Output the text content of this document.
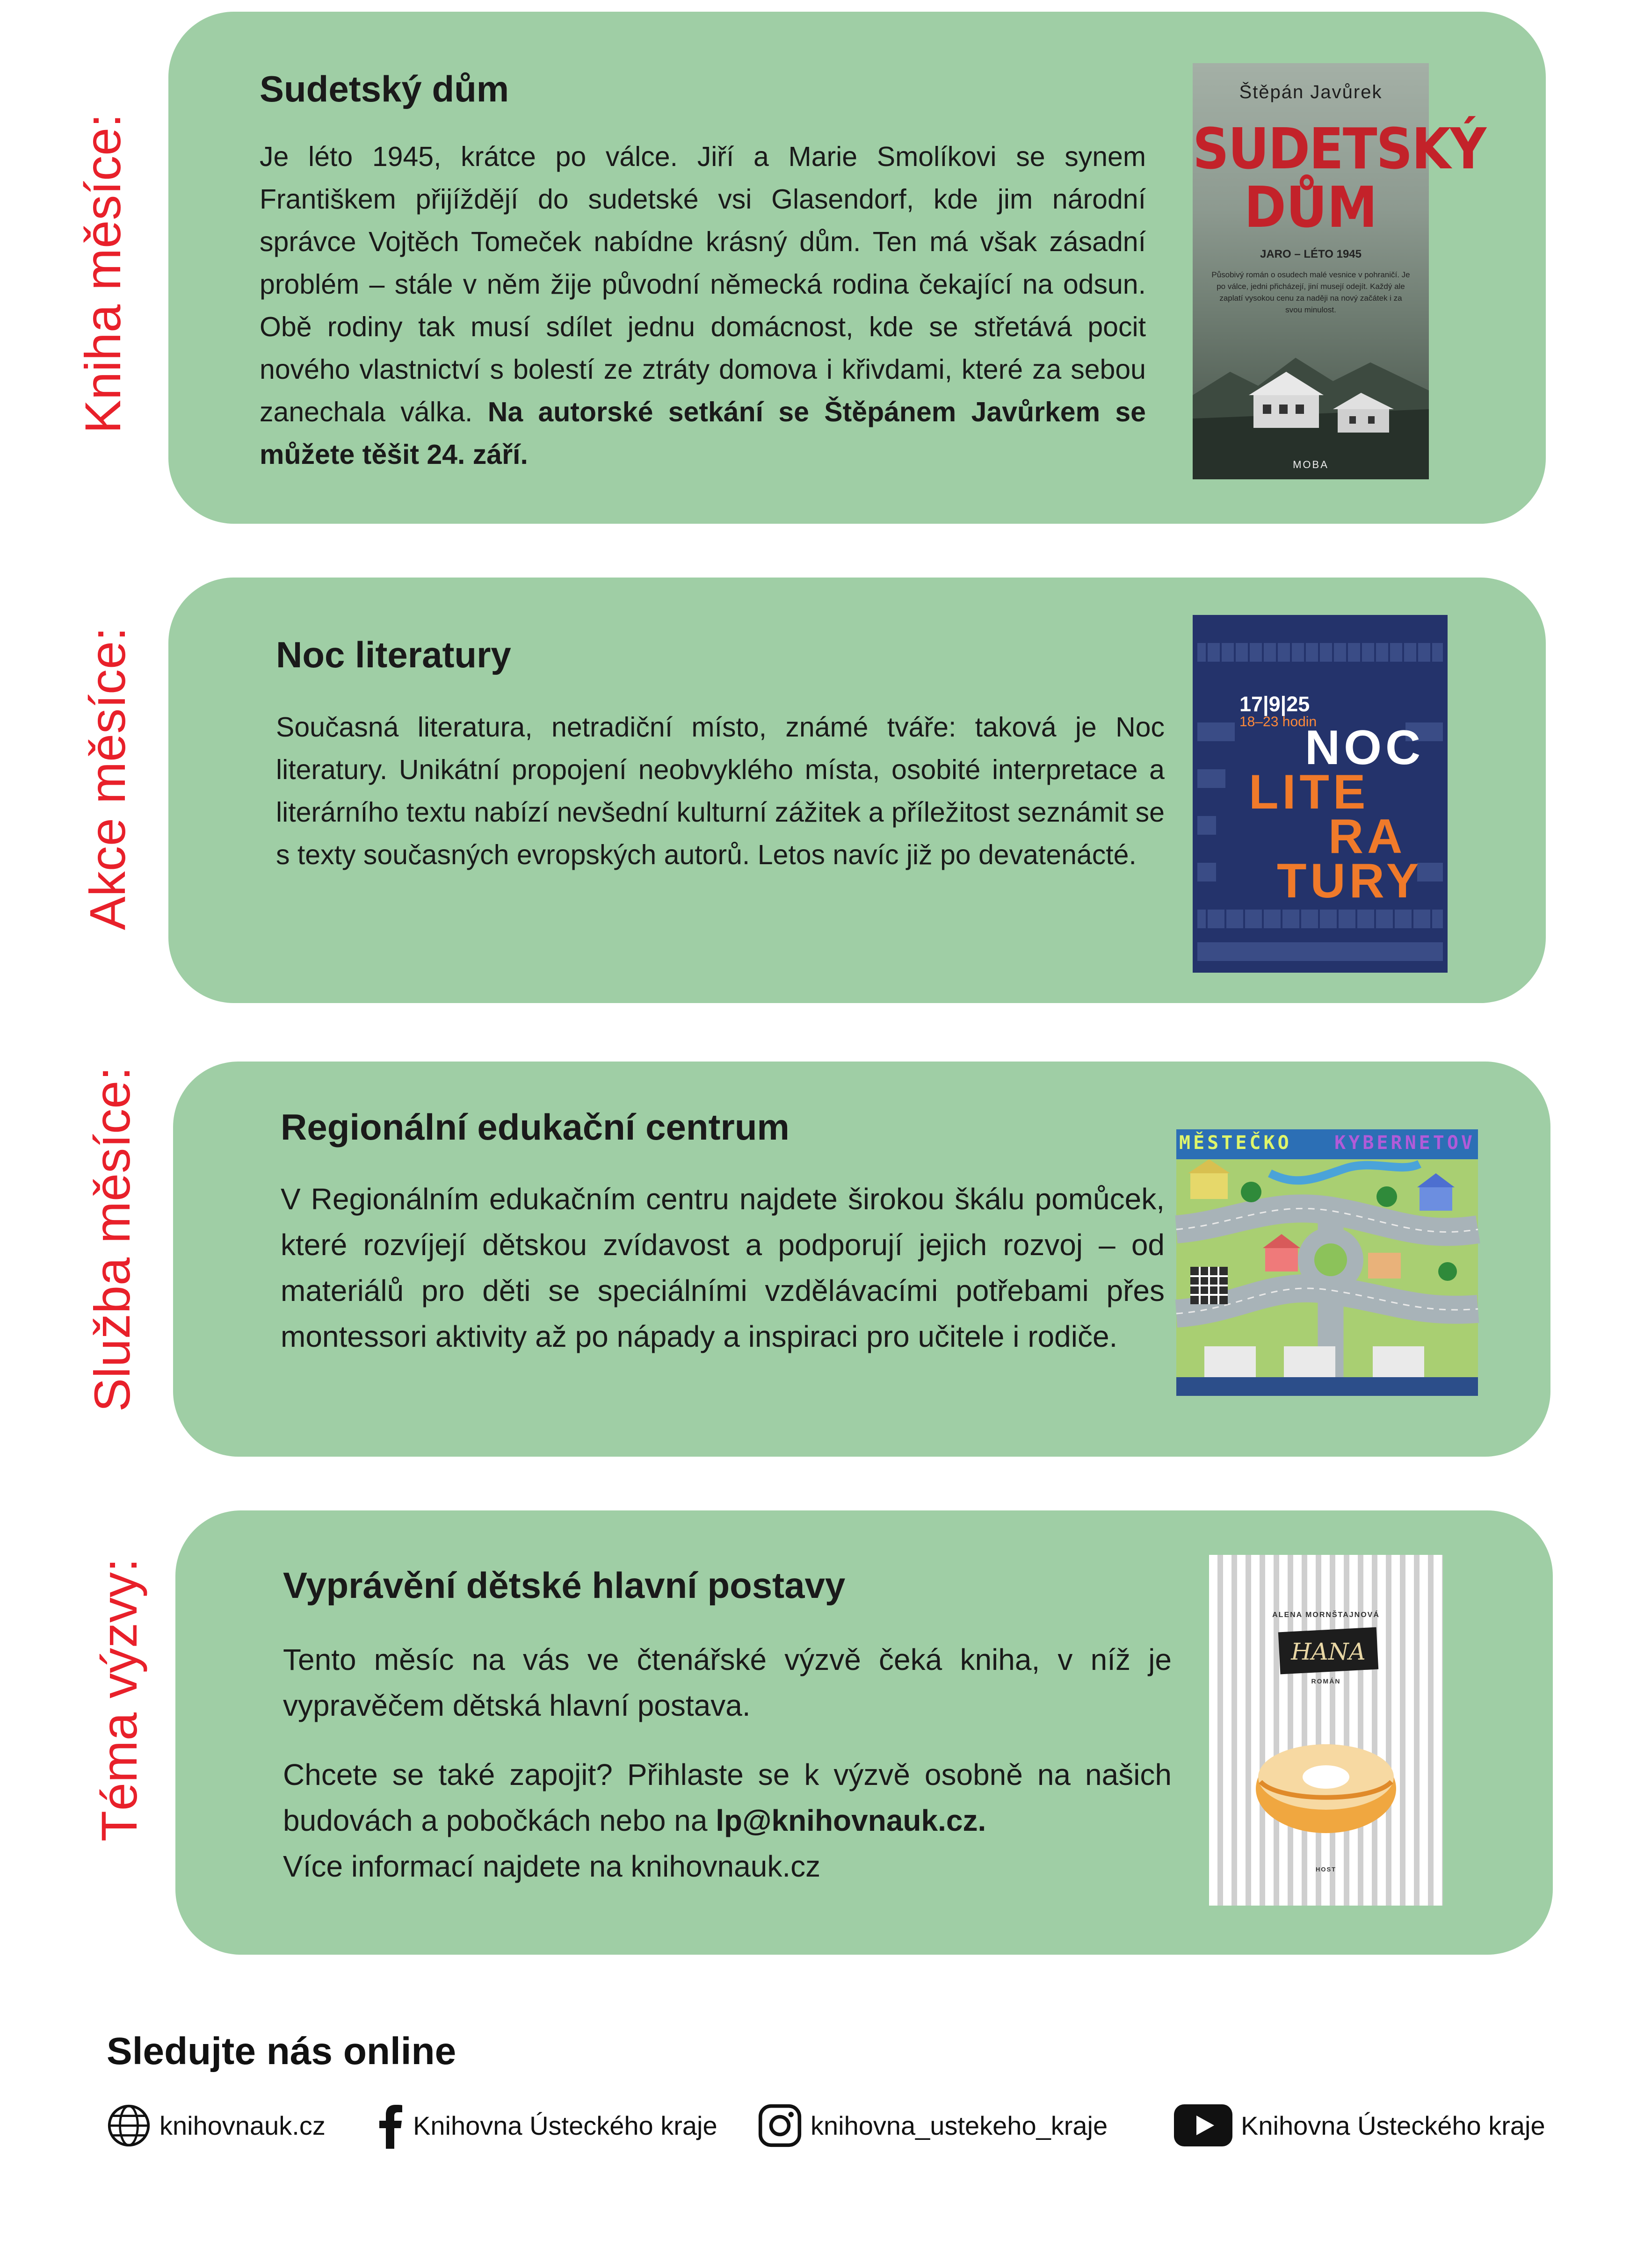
Kniha měsíce:
Akce měsíce:
Služba měsíce:
Téma výzvy:
Sudetský dům

Je léto 1945, krátce po válce. Jiří a Marie Smolíkovi se synem Františkem přijíždějí do sudetské vsi Glasendorf, kde jim národní správce Vojtěch Tomeček nabídne krásný dům. Ten má však zásadní problém – stále v něm žije původní německá rodina čekající na odsun. Obě rodiny tak musí sdílet jednu domácnost, kde se střetává pocit nového vlastnictví s bolestí ze ztráty domova i křivdami, které za sebou zanechala válka. Na autorské setkání se Štěpánem Javůrkem se můžete těšit 24. září.

Štěpán Javůrek
SUDETSKÝ
DŮM
JARO – LÉTO 1945
Působivý román o osudech malé vesnice v pohraničí. Je po válce, jedni přicházejí, jiní musejí odejít. Každý ale zaplatí vysokou cenu za naději na nový začátek i za svou minulost.
MOBA
Noc literatury

Současná literatura, netradiční místo, známé tváře: taková je Noc literatury. Unikátní propojení neobvyklého místa, osobité interpretace a literárního textu nabízí nevšední kulturní zážitek a příležitost seznámit se s texty současných evropských autorů. Letos navíc již po devatenácté.

17|9|25
18–23 hodin
NOC
LITE
RA
TURY
Regionální edukační centrum

V Regionálním edukačním centru najdete širokou škálu pomůcek, které rozvíjejí dětskou zvídavost a podporují jejich rozvoj – od materiálů pro děti se speciálními vzdělávacími potřebami přes montessori aktivity až po nápady a inspiraci pro učitele i rodiče.

MĚSTEČKO KYBERNETOV
Vyprávění dětské hlavní postavy

Tento měsíc na vás ve čtenářské výzvě čeká kniha, v níž je vypravěčem dětská hlavní postava.

Chcete se také zapojit? Přihlaste se k výzvě osobně na našich budovách a pobočkách nebo na lp@knihovnauk.cz.
Více informací najdete na knihovnauk.cz

ALENA MORNŠTAJNOVÁ
HANA
ROMÁN
HOST
Sledujte nás online
knihovnauk.cz	Knihovna Ústeckého kraje	knihovna_ustekeho_kraje	Knihovna Ústeckého kraje
